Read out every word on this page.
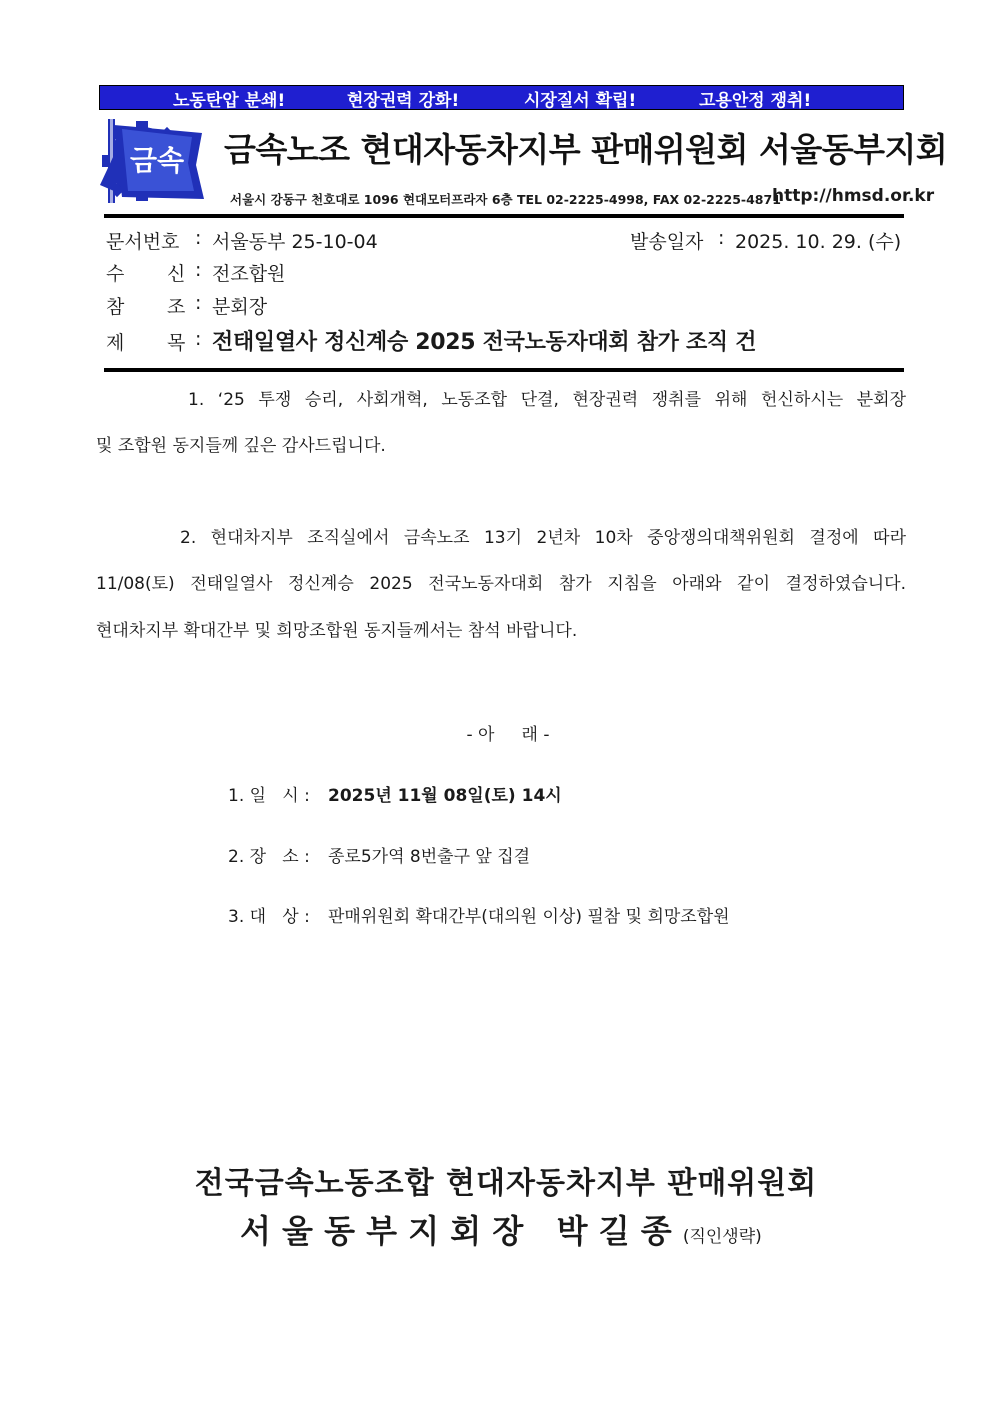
노동탄압 분쇄!	현장권력 강화!	시장질서 확립!	고용안정 쟁취!
금속 금속노조 현대자동차지부 판매위원회 서울동부지회
서울시 강동구 천호대로 1096 현대모터프라자 6층 TEL 02-2225-4998, FAX 02-2225-4871
http://hmsd.or.kr
문서번호 : 서울동부 25-10-04	발송일자 : 2025. 10. 29. (수)
수 신 : 전조합원
참 조 : 분회장
제 목 : 전태일열사 정신계승 2025 전국노동자대회 참가 조직 건
1. ‘25 투쟁 승리, 사회개혁, 노동조합 단결, 현장권력 쟁취를 위해 헌신하시는 분회장
및 조합원 동지들께 깊은 감사드립니다.
2. 현대차지부 조직실에서 금속노조 13기 2년차 10차 중앙쟁의대책위원회 결정에 따라
11/08(토) 전태일열사 정신계승 2025 전국노동자대회 참가 지침을 아래와 같이 결정하였습니다.
현대차지부 확대간부 및 희망조합원 동지들께서는 참석 바랍니다.
- 아     래 -
1. 일   시 : 2025년 11월 08일(토) 14시
2. 장   소 : 종로5가역 8번출구 앞 집결
3. 대   상 : 판매위원회 확대간부(대의원 이상) 필참 및 희망조합원
전국금속노동조합 현대자동차지부 판매위원회
서 울 동 부 지 회 장   박 길 종 (직인생략)
